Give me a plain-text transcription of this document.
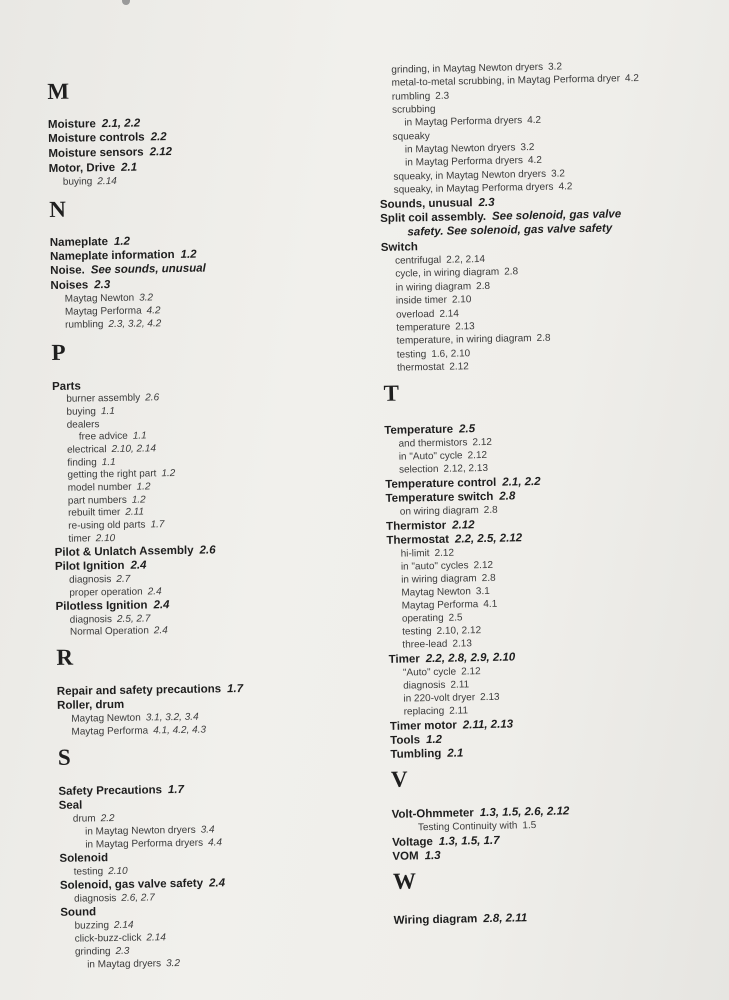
M
Moisture 2.1, 2.2
Moisture controls 2.2
Moisture sensors 2.12
Motor, Drive 2.1
buying 2.14
N
Nameplate 1.2
Nameplate information 1.2
Noise. See sounds, unusual
Noises 2.3
Maytag Newton 3.2
Maytag Performa 4.2
rumbling 2.3, 3.2, 4.2
P
Parts
burner assembly 2.6
buying 1.1
dealers
free advice 1.1
electrical 2.10, 2.14
finding 1.1
getting the right part 1.2
model number 1.2
part numbers 1.2
rebuilt timer 2.11
re-using old parts 1.7
timer 2.10
Pilot & Unlatch Assembly 2.6
Pilot Ignition 2.4
diagnosis 2.7
proper operation 2.4
Pilotless Ignition 2.4
diagnosis 2.5, 2.7
Normal Operation 2.4
R
Repair and safety precautions 1.7
Roller, drum
Maytag Newton 3.1, 3.2, 3.4
Maytag Performa 4.1, 4.2, 4.3
S
Safety Precautions 1.7
Seal
drum 2.2
in Maytag Newton dryers 3.4
in Maytag Performa dryers 4.4
Solenoid
testing 2.10
Solenoid, gas valve safety 2.4
diagnosis 2.6, 2.7
Sound
buzzing 2.14
click-buzz-click 2.14
grinding 2.3
in Maytag dryers 3.2
grinding, in Maytag Newton dryers 3.2
metal-to-metal scrubbing, in Maytag Performa dryer 4.2
rumbling 2.3
scrubbing
in Maytag Performa dryers 4.2
squeaky
in Maytag Newton dryers 3.2
in Maytag Performa dryers 4.2
squeaky, in Maytag Newton dryers 3.2
squeaky, in Maytag Performa dryers 4.2
Sounds, unusual 2.3
Split coil assembly. See solenoid, gas valve
safety. See solenoid, gas valve safety
Switch
centrifugal 2.2, 2.14
cycle, in wiring diagram 2.8
in wiring diagram 2.8
inside timer 2.10
overload 2.14
temperature 2.13
temperature, in wiring diagram 2.8
testing 1.6, 2.10
thermostat 2.12
T
Temperature 2.5
and thermistors 2.12
in "Auto" cycle 2.12
selection 2.12, 2.13
Temperature control 2.1, 2.2
Temperature switch 2.8
on wiring diagram 2.8
Thermistor 2.12
Thermostat 2.2, 2.5, 2.12
hi-limit 2.12
in "auto" cycles 2.12
in wiring diagram 2.8
Maytag Newton 3.1
Maytag Performa 4.1
operating 2.5
testing 2.10, 2.12
three-lead 2.13
Timer 2.2, 2.8, 2.9, 2.10
"Auto" cycle 2.12
diagnosis 2.11
in 220-volt dryer 2.13
replacing 2.11
Timer motor 2.11, 2.13
Tools 1.2
Tumbling 2.1
V
Volt-Ohmmeter 1.3, 1.5, 2.6, 2.12
Testing Continuity with 1.5
Voltage 1.3, 1.5, 1.7
VOM 1.3
W
Wiring diagram 2.8, 2.11
